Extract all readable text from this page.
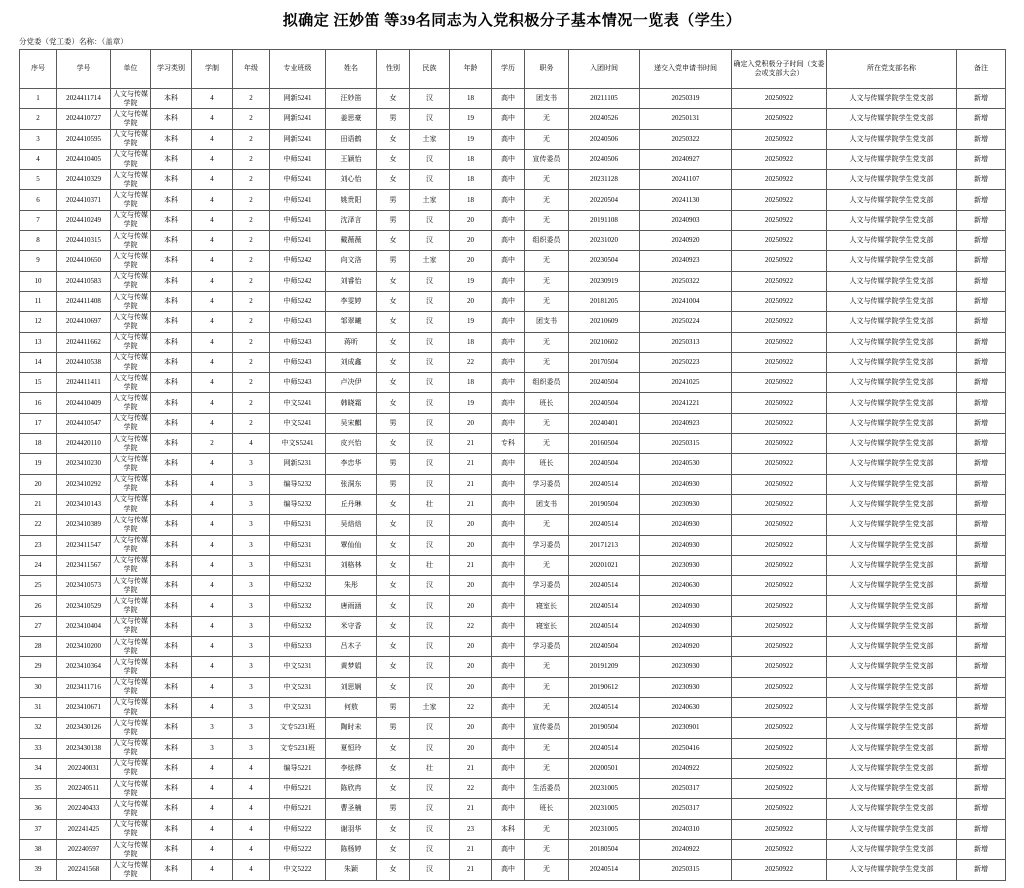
拟确定 汪妙笛 等39名同志为入党积极分子基本情况一览表（学生）
分党委（党工委）名称：（盖章）
序号	学号	单位	学习类别	学制	年级	专业班级	姓名	性别	民族	年龄	学历	职务	入团时间	递交入党申请书时间	确定入党积极分子时间（支委会或支部大会）	所在党支部名称	备注
1	2024411714	人文与传媒学院	本科	4	2	网新5241	汪妙笛	女	汉	18	高中	团支书	20211105	20250319	20250922	人文与传媒学院学生党支部	新增
2	2024410727	人文与传媒学院	本科	4	2	网新5241	姜思豪	男	汉	19	高中	无	20240526	20250131	20250922	人文与传媒学院学生党支部	新增
3	2024410595	人文与传媒学院	本科	4	2	网新5241	田语鹤	女	土家	19	高中	无	20240506	20250322	20250922	人文与传媒学院学生党支部	新增
4	2024410405	人文与传媒学院	本科	4	2	中师5241	王颖怡	女	汉	18	高中	宣传委员	20240506	20240927	20250922	人文与传媒学院学生党支部	新增
5	2024410329	人文与传媒学院	本科	4	2	中师5241	刘心怡	女	汉	18	高中	无	20231128	20241107	20250922	人文与传媒学院学生党支部	新增
6	2024410371	人文与传媒学院	本科	4	2	中师5241	姚贵阳	男	土家	18	高中	无	20220504	20241130	20250922	人文与传媒学院学生党支部	新增
7	2024410249	人文与传媒学院	本科	4	2	中师5241	沈泽言	男	汉	20	高中	无	20191108	20240903	20250922	人文与传媒学院学生党支部	新增
8	2024410315	人文与传媒学院	本科	4	2	中师5241	戴薇薇	女	汉	20	高中	组织委员	20231020	20240920	20250922	人文与传媒学院学生党支部	新增
9	2024410650	人文与传媒学院	本科	4	2	中师5242	向文洛	男	土家	20	高中	无	20230504	20240923	20250922	人文与传媒学院学生党支部	新增
10	2024410583	人文与传媒学院	本科	4	2	中师5242	刘睿怡	女	汉	19	高中	无	20230919	20250322	20250922	人文与传媒学院学生党支部	新增
11	2024411408	人文与传媒学院	本科	4	2	中师5242	李雯婷	女	汉	20	高中	无	20181205	20241004	20250922	人文与传媒学院学生党支部	新增
12	2024410697	人文与传媒学院	本科	4	2	中师5243	邹翠曦	女	汉	19	高中	团支书	20210609	20250224	20250922	人文与传媒学院学生党支部	新增
13	2024411662	人文与传媒学院	本科	4	2	中师5243	蒋昕	女	汉	18	高中	无	20210602	20250313	20250922	人文与传媒学院学生党支部	新增
14	2024410538	人文与传媒学院	本科	4	2	中师5243	刘成鑫	女	汉	22	高中	无	20170504	20250223	20250922	人文与传媒学院学生党支部	新增
15	2024411411	人文与传媒学院	本科	4	2	中师5243	卢决伊	女	汉	18	高中	组织委员	20240504	20241025	20250922	人文与传媒学院学生党支部	新增
16	2024410409	人文与传媒学院	本科	4	2	中文5241	韩晓霜	女	汉	19	高中	班长	20240504	20241221	20250922	人文与传媒学院学生党支部	新增
17	2024410547	人文与传媒学院	本科	4	2	中文5241	吴宋麒	男	汉	20	高中	无	20240401	20240923	20250922	人文与传媒学院学生党支部	新增
18	2024420110	人文与传媒学院	本科	2	4	中文S5241	皮兴怡	女	汉	21	专科	无	20160504	20250315	20250922	人文与传媒学院学生党支部	新增
19	2023410230	人文与传媒学院	本科	4	3	网新5231	李忠华	男	汉	21	高中	班长	20240504	20240530	20250922	人文与传媒学院学生党支部	新增
20	2023410292	人文与传媒学院	本科	4	3	编导5232	张洞东	男	汉	21	高中	学习委员	20240514	20240930	20250922	人文与传媒学院学生党支部	新增
21	2023410143	人文与传媒学院	本科	4	3	编导5232	丘丹琳	女	壮	21	高中	团支书	20190504	20230930	20250922	人文与传媒学院学生党支部	新增
22	2023410389	人文与传媒学院	本科	4	3	中师5231	吴焙焙	女	汉	20	高中	无	20240514	20240930	20250922	人文与传媒学院学生党支部	新增
23	2023411547	人文与传媒学院	本科	4	3	中师5231	覃仙仙	女	汉	20	高中	学习委员	20171213	20240930	20250922	人文与传媒学院学生党支部	新增
24	2023411567	人文与传媒学院	本科	4	3	中师5231	刘格林	女	壮	21	高中	无	20201021	20230930	20250922	人文与传媒学院学生党支部	新增
25	2023410573	人文与传媒学院	本科	4	3	中师5232	朱彤	女	汉	20	高中	学习委员	20240514	20240630	20250922	人文与传媒学院学生党支部	新增
26	2023410529	人文与传媒学院	本科	4	3	中师5232	唐雨涵	女	汉	20	高中	寝室长	20240514	20240930	20250922	人文与传媒学院学生党支部	新增
27	2023410404	人文与传媒学院	本科	4	3	中师5232	米守香	女	汉	22	高中	寝室长	20240514	20240930	20250922	人文与传媒学院学生党支部	新增
28	2023410200	人文与传媒学院	本科	4	3	中师5233	吕木子	女	汉	20	高中	学习委员	20240504	20240920	20250922	人文与传媒学院学生党支部	新增
29	2023410364	人文与传媒学院	本科	4	3	中文5231	黄梦娟	女	汉	20	高中	无	20191209	20230930	20250922	人文与传媒学院学生党支部	新增
30	2023411716	人文与传媒学院	本科	4	3	中文5231	刘思娴	女	汉	20	高中	无	20190612	20230930	20250922	人文与传媒学院学生党支部	新增
31	2023410671	人文与传媒学院	本科	4	3	中文5231	何敖	男	土家	22	高中	无	20240514	20240630	20250922	人文与传媒学院学生党支部	新增
32	2023430126	人文与传媒学院	本科	3	3	文专5231班	陶时未	男	汉	20	高中	宣传委员	20190504	20230901	20250922	人文与传媒学院学生党支部	新增
33	2023430138	人文与传媒学院	本科	3	3	文专5231班	夏恒玲	女	汉	20	高中	无	20240514	20250416	20250922	人文与传媒学院学生党支部	新增
34	202240031	人文与传媒学院	本科	4	4	编导5221	李炫烨	女	壮	21	高中	无	20200501	20240922	20250922	人文与传媒学院学生党支部	新增
35	202240511	人文与传媒学院	本科	4	4	中师5221	陈欣冉	女	汉	22	高中	生活委员	20231005	20250317	20250922	人文与传媒学院学生党支部	新增
36	202240433	人文与传媒学院	本科	4	4	中师5221	曹圣楠	男	汉	21	高中	班长	20231005	20250317	20250922	人文与传媒学院学生党支部	新增
37	202241425	人文与传媒学院	本科	4	4	中师5222	谢羽华	女	汉	23	本科	无	20231005	20240310	20250922	人文与传媒学院学生党支部	新增
38	202240597	人文与传媒学院	本科	4	4	中师5222	陈杨婷	女	汉	21	高中	无	20180504	20240922	20250922	人文与传媒学院学生党支部	新增
39	202241568	人文与传媒学院	本科	4	4	中文5222	朱颖	女	汉	21	高中	无	20240514	20250315	20250922	人文与传媒学院学生党支部	新增
